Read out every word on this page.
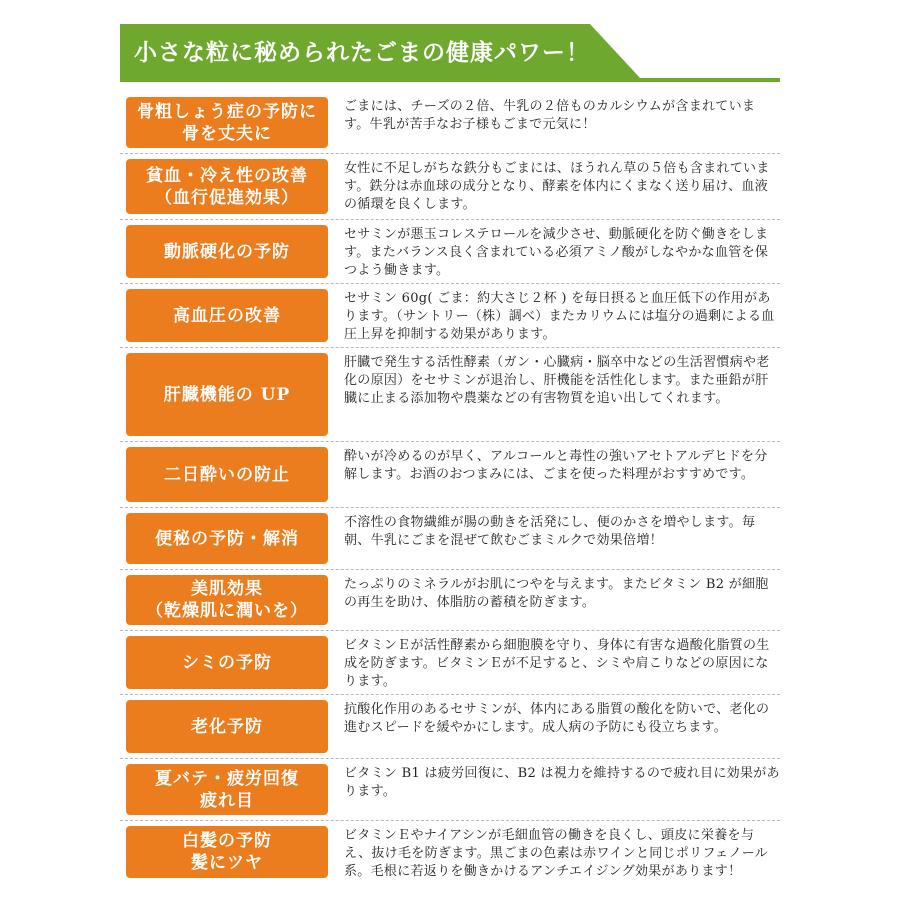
小さな粒に秘められたごまの健康パワー！
骨粗しょう症の予防に
骨を丈夫に
ごまには、チーズの２倍、牛乳の２倍ものカルシウムが含まれています。牛乳が苦手なお子様もごまで元気に！
貧血・冷え性の改善
（血行促進効果）
女性に不足しがちな鉄分もごまには、ほうれん草の５倍も含まれています。鉄分は赤血球の成分となり、酵素を体内にくまなく送り届け、血液の循環を良くします。
動脈硬化の予防
セサミンが悪玉コレステロールを減少させ、動脈硬化を防ぐ働きをします。またバランス良く含まれている必須アミノ酸がしなやかな血管を保つよう働きます。
高血圧の改善
セサミン 60g( ごま：約大さじ２杯 ) を毎日摂ると血圧低下の作用があります。（サントリー（株）調べ）またカリウムには塩分の過剰による血圧上昇を抑制する効果があります。
肝臓機能の UP
肝臓で発生する活性酵素（ガン・心臓病・脳卒中などの生活習慣病や老化の原因）をセサミンが退治し、肝機能を活性化します。また亜鉛が肝臓に止まる添加物や農薬などの有害物質を追い出してくれます。
二日酔いの防止
酔いが冷めるのが早く、アルコールと毒性の強いアセトアルデヒドを分解します。お酒のおつまみには、ごまを使った料理がおすすめです。
便秘の予防・解消
不溶性の食物繊維が腸の動きを活発にし、便のかさを増やします。毎朝、牛乳にごまを混ぜて飲むごまミルクで効果倍増！
美肌効果
（乾燥肌に潤いを）
たっぷりのミネラルがお肌につやを与えます。またビタミン B2 が細胞の再生を助け、体脂肪の蓄積を防ぎます。
シミの予防
ビタミンＥが活性酵素から細胞膜を守り、身体に有害な過酸化脂質の生成を防ぎます。ビタミンＥが不足すると、シミや肩こりなどの原因になります。
老化予防
抗酸化作用のあるセサミンが、体内にある脂質の酸化を防いで、老化の進むスピードを緩やかにします。成人病の予防にも役立ちます。
夏バテ・疲労回復
疲れ目
ビタミン B1 は疲労回復に、B2 は視力を維持するので疲れ目に効果があります。
白髪の予防
髪にツヤ
ビタミンＥやナイアシンが毛細血管の働きを良くし、頭皮に栄養を与え、抜け毛を防ぎます。黒ごまの色素は赤ワインと同じポリフェノール系。毛根に若返りを働きかけるアンチエイジング効果があります！
